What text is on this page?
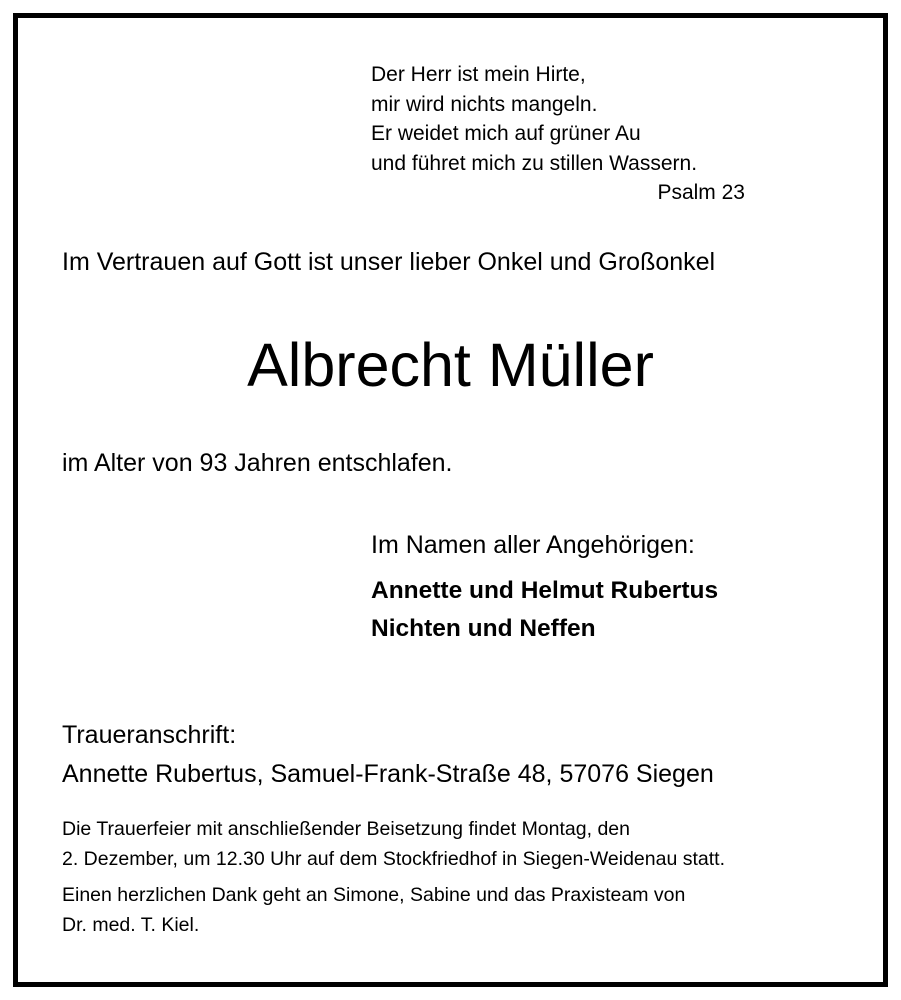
Der Herr ist mein Hirte,
mir wird nichts mangeln.
Er weidet mich auf grüner Au
und führet mich zu stillen Wassern.
Psalm 23
Im Vertrauen auf Gott ist unser lieber Onkel und Großonkel
Albrecht Müller
im Alter von 93 Jahren entschlafen.
Im Namen aller Angehörigen:
Annette und Helmut Rubertus
Nichten und Neffen
Traueranschrift:
Annette Rubertus, Samuel-Frank-Straße 48, 57076 Siegen
Die Trauerfeier mit anschließender Beisetzung findet Montag, den
2. Dezember, um 12.30 Uhr auf dem Stockfriedhof in Siegen-Weidenau statt.
Einen herzlichen Dank geht an Simone, Sabine und das Praxisteam von
Dr. med. T. Kiel.
